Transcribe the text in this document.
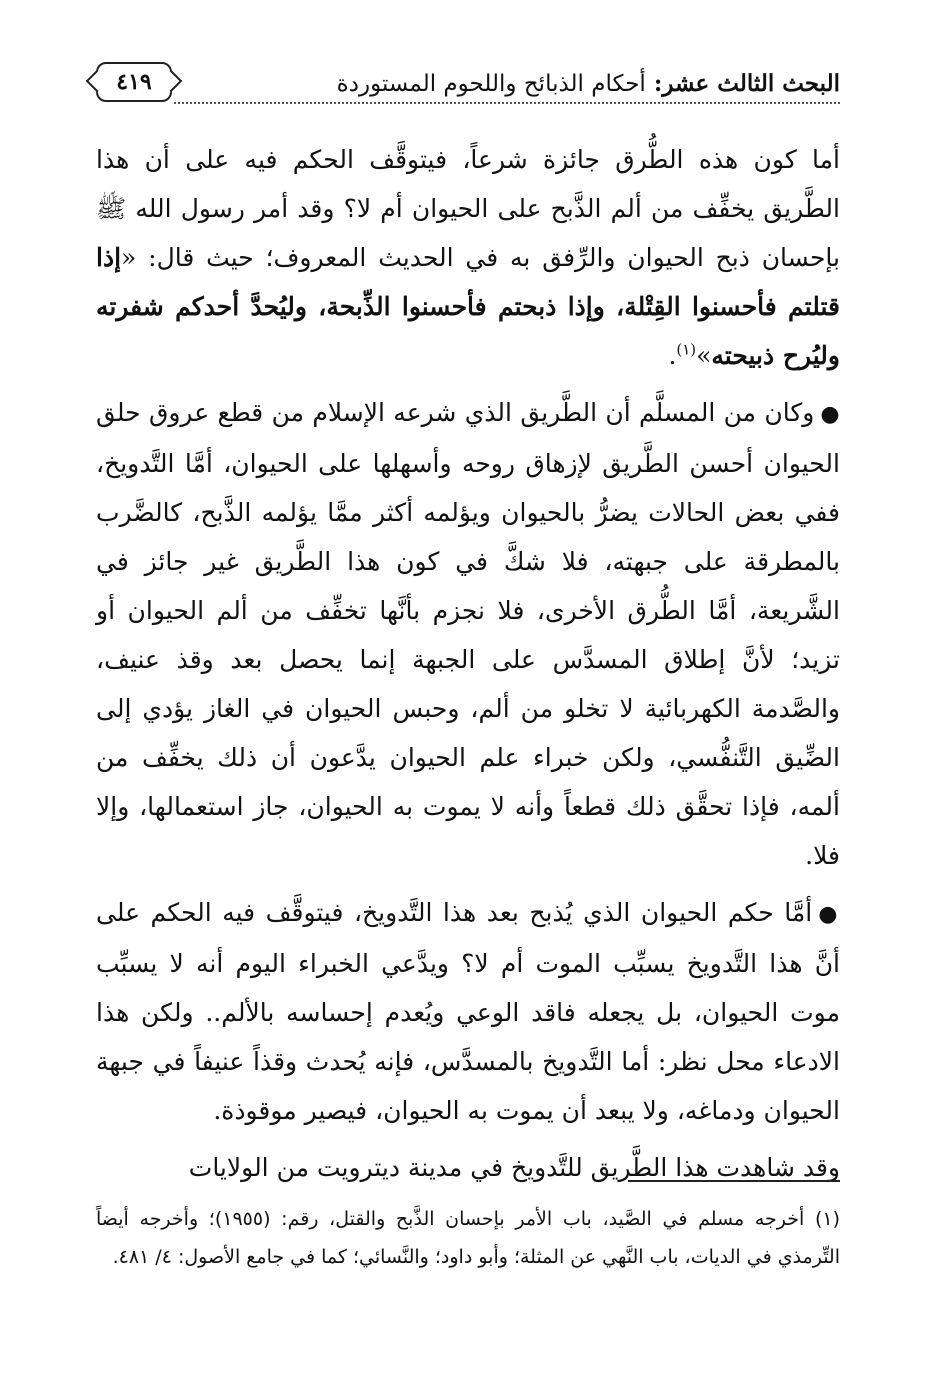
البحث الثالث عشر: أحكام الذبائح واللحوم المستوردة
٤١٩

أما كون هذه الطُّرق جائزة شرعاً، فيتوقَّف الحكم فيه على أن هذا الطَّريق يخفِّف من ألم الذَّبح على الحيوان أم لا؟ وقد أمر رسول الله ﷺ بإحسان ذبح الحيوان والرِّفق به في الحديث المعروف؛ حيث قال: «إذا قتلتم فأحسنوا القِتْلة، وإذا ذبحتم فأحسنوا الذِّبحة، وليُحدَّ أحدكم شفرته وليُرح ذبيحته»$^{(١)}$.

●وكان من المسلَّم أن الطَّريق الذي شرعه الإسلام من قطع عروق حلق الحيوان أحسن الطَّريق لإزهاق روحه وأسهلها على الحيوان، أمَّا التَّدويخ، ففي بعض الحالات يضرُّ بالحيوان ويؤلمه أكثر ممَّا يؤلمه الذَّبح، كالضَّرب بالمطرقة على جبهته، فلا شكَّ في كون هذا الطَّريق غير جائز في الشَّريعة، أمَّا الطُّرق الأخرى، فلا نجزم بأنَّها تخفِّف من ألم الحيوان أو تزيد؛ لأنَّ إطلاق المسدَّس على الجبهة إنما يحصل بعد وقذ عنيف، والصَّدمة الكهربائية لا تخلو من ألم، وحبس الحيوان في الغاز يؤدي إلى الضِّيق التَّنفُّسي، ولكن خبراء علم الحيوان يدَّعون أن ذلك يخفِّف من ألمه، فإذا تحقَّق ذلك قطعاً وأنه لا يموت به الحيوان، جاز استعمالها، وإلا فلا.

●أمَّا حكم الحيوان الذي يُذبح بعد هذا التَّدويخ، فيتوقَّف فيه الحكم على أنَّ هذا التَّدويخ يسبِّب الموت أم لا؟ ويدَّعي الخبراء اليوم أنه لا يسبِّب موت الحيوان، بل يجعله فاقد الوعي ويُعدم إحساسه بالألم.. ولكن هذا الادعاء محل نظر: أما التَّدويخ بالمسدَّس، فإنه يُحدث وقذاً عنيفاً في جبهة الحيوان ودماغه، ولا يبعد أن يموت به الحيوان، فيصير موقوذة.

وقد شاهدت هذا الطَّريق للتَّدويخ في مدينة ديترويت من الولايات

(١) أخرجه مسلم في الصَّيد، باب الأمر بإحسان الذَّبح والقتل، رقم: (١٩٥٥)؛ وأخرجه أيضاً التِّرمذي في الديات، باب النَّهي عن المثلة؛ وأبو داود؛ والنَّسائي؛ كما في جامع الأصول: ٤/ ٤٨١.
